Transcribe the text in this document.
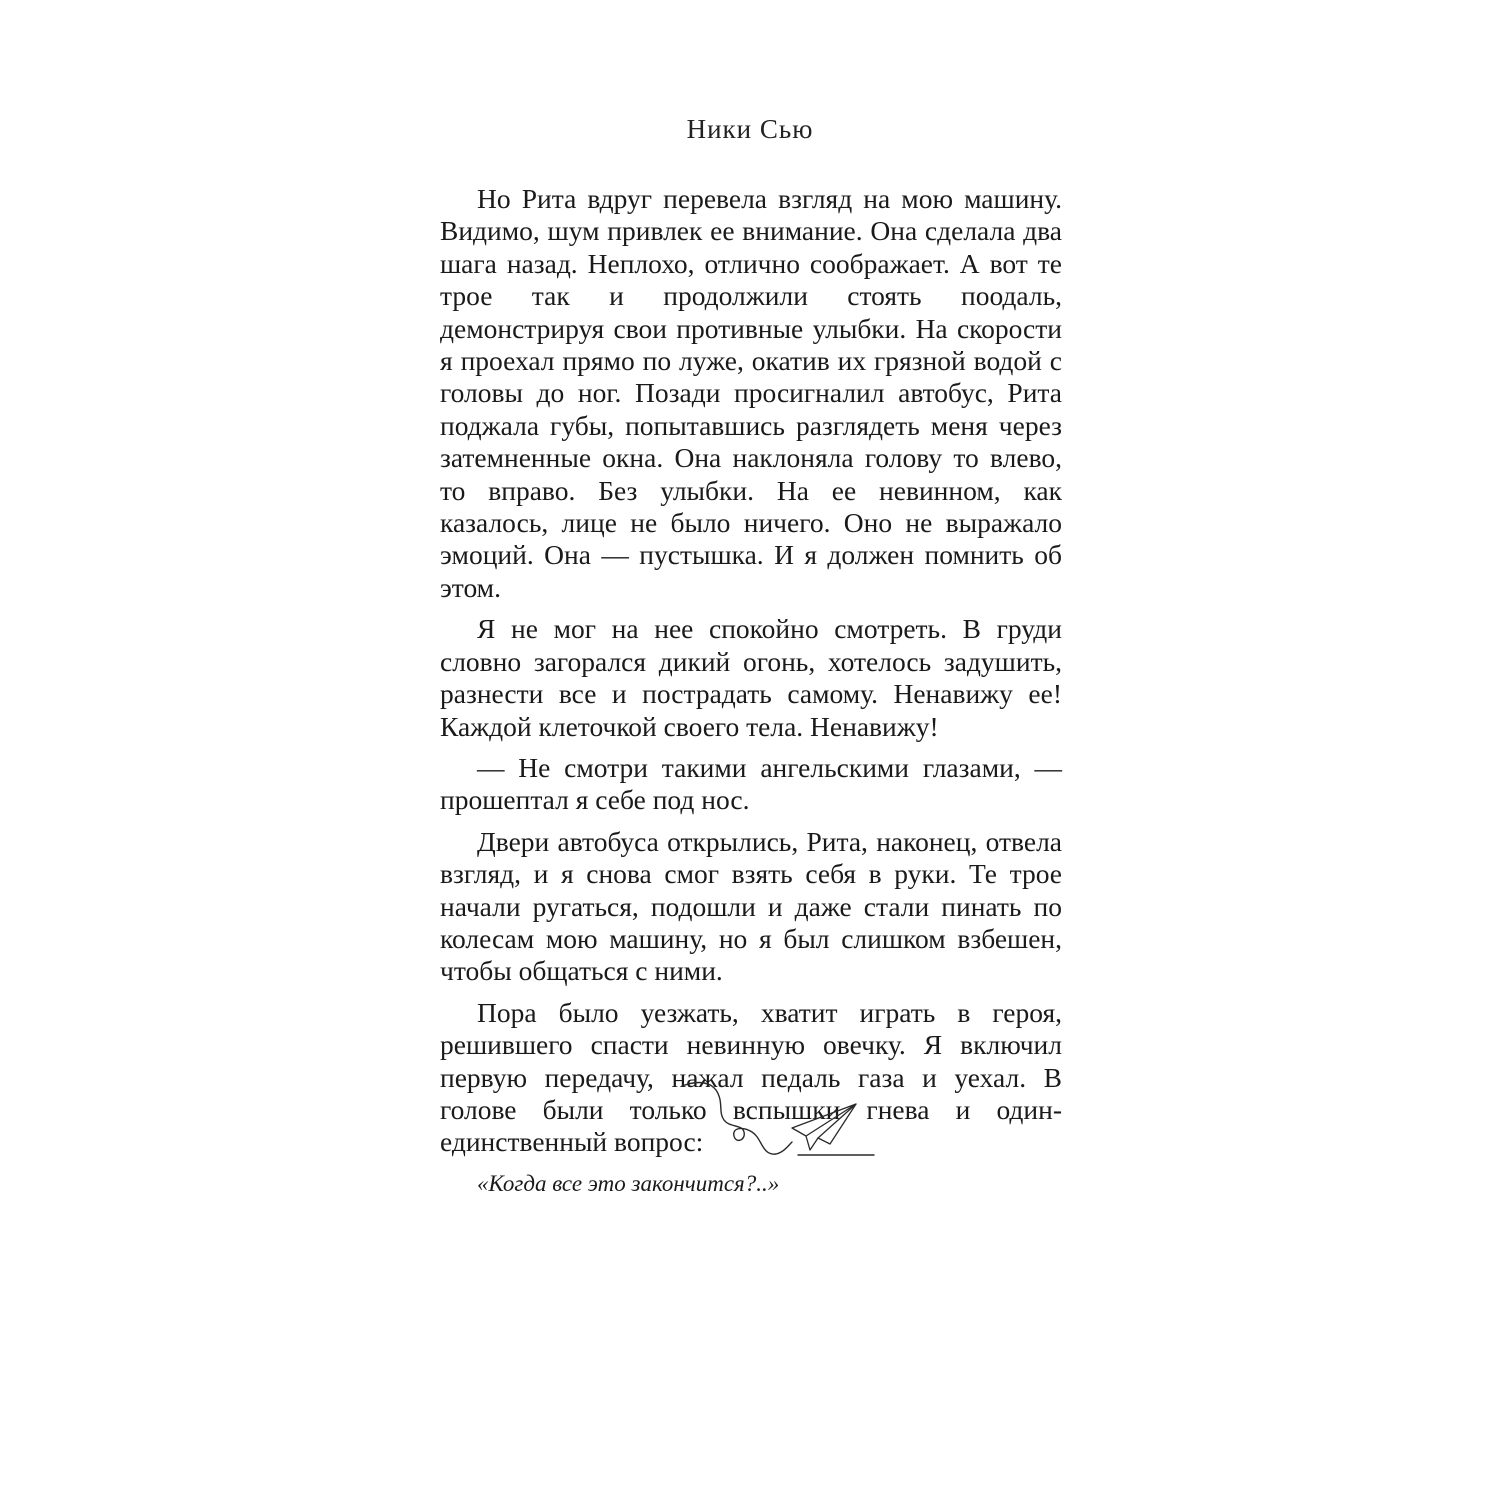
Ники Сью

Но Рита вдруг перевела взгляд на мою машину. Видимо, шум привлек ее внимание. Она сделала два шага назад. Неплохо, отлично соображает. А вот те трое так и продолжили стоять поодаль, демонстрируя свои противные улыбки. На скорости я проехал прямо по луже, окатив их грязной водой с головы до ног. Позади просигналил автобус, Рита поджала губы, попытавшись разглядеть меня через затемненные окна. Она наклоняла голову то влево, то вправо. Без улыбки. На ее невинном, как казалось, лице не было ничего. Оно не выражало эмоций. Она — пустышка. И я должен помнить об этом.

Я не мог на нее спокойно смотреть. В груди словно загорался дикий огонь, хотелось задушить, разнести все и пострадать самому. Ненавижу ее! Каждой клеточкой своего тела. Ненавижу!

— Не смотри такими ангельскими глазами, — прошептал я себе под нос.

Двери автобуса открылись, Рита, наконец, отвела взгляд, и я снова смог взять себя в руки. Те трое начали ругаться, подошли и даже стали пинать по колесам мою машину, но я был слишком взбешен, чтобы общаться с ними.

Пора было уезжать, хватит играть в героя, решившего спасти невинную овечку. Я включил первую передачу, нажал педаль газа и уехал. В голове были только вспышки гнева и один-единственный вопрос:

«Когда все это закончится?..»
